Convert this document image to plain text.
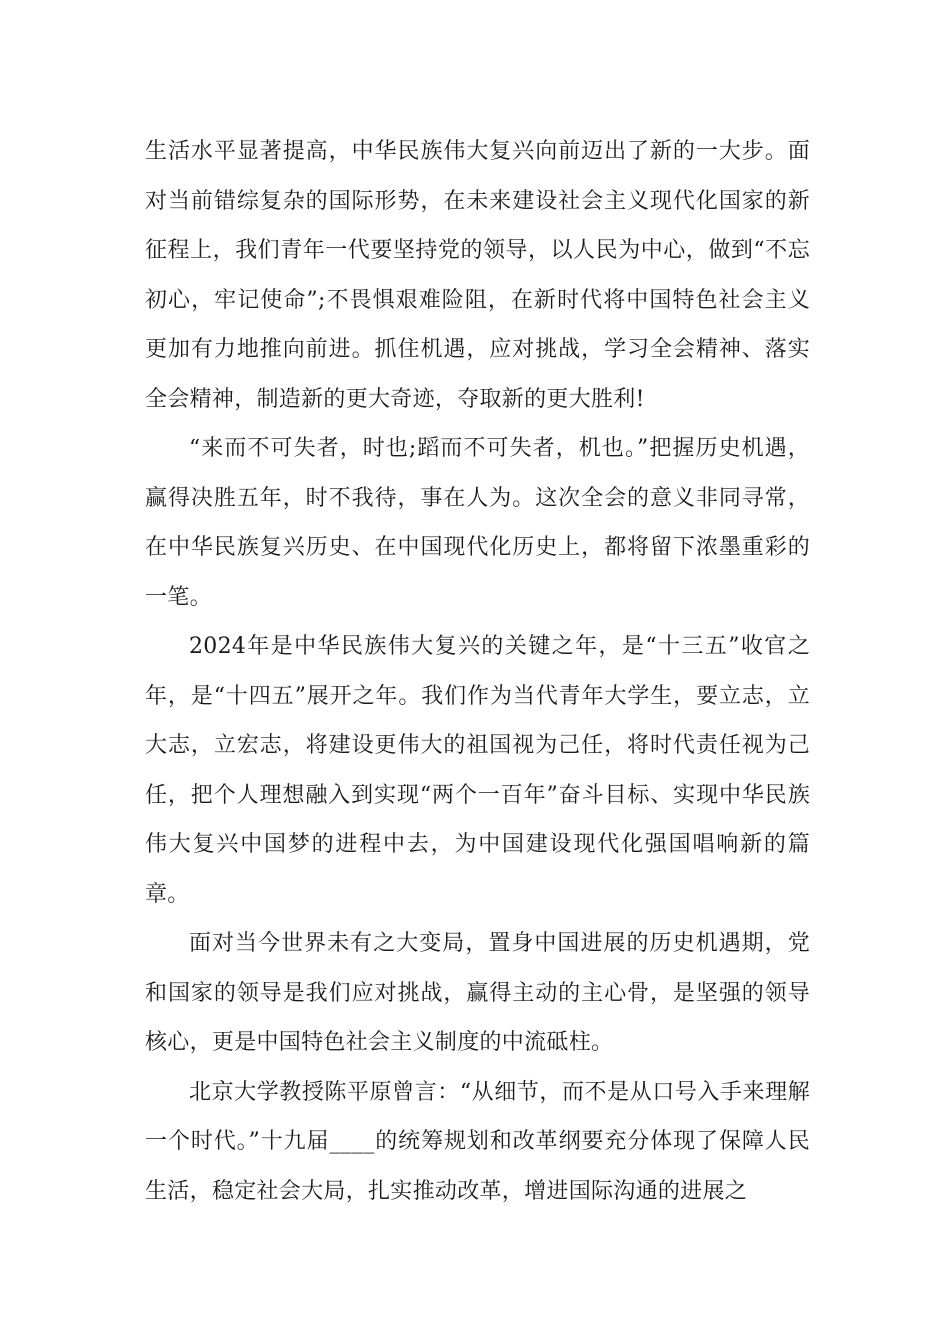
生活水平显著提高，中华民族伟大复兴向前迈出了新的一大步。面对当前错综复杂的国际形势，在未来建设社会主义现代化国家的新征程上，我们青年一代要坚持党的领导，以人民为中心，做到“不忘初心，牢记使命”;不畏惧艰难险阻，在新时代将中国特色社会主义更加有力地推向前进。抓住机遇，应对挑战，学习全会精神、落实全会精神，制造新的更大奇迹，夺取新的更大胜利!

“来而不可失者，时也;蹈而不可失者，机也。”把握历史机遇，赢得决胜五年，时不我待，事在人为。这次全会的意义非同寻常，在中华民族复兴历史、在中国现代化历史上，都将留下浓墨重彩的一笔。

2024年是中华民族伟大复兴的关键之年，是“十三五”收官之年，是“十四五”展开之年。我们作为当代青年大学生，要立志，立大志，立宏志，将建设更伟大的祖国视为己任，将时代责任视为己任，把个人理想融入到实现“两个一百年”奋斗目标、实现中华民族伟大复兴中国梦的进程中去，为中国建设现代化强国唱响新的篇章。

面对当今世界未有之大变局，置身中国进展的历史机遇期，党和国家的领导是我们应对挑战，赢得主动的主心骨，是坚强的领导核心，更是中国特色社会主义制度的中流砥柱。

北京大学教授陈平原曾言：“从细节，而不是从口号入手来理解一个时代。”十九届____的统筹规划和改革纲要充分体现了保障人民生活，稳定社会大局，扎实推动改革，增进国际沟通的进展之
